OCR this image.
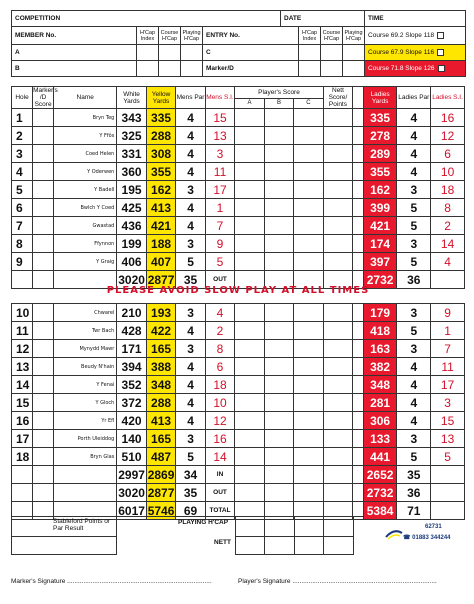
COMPETITION					DATE				TIME
MEMBER No.	H'Cap Index	Course H'Cap	Playing H'Cap	ENTRY No.		H'Cap Index	Course H'Cap	Playing H'Cap	Course 69.2 Slope 118
A				C					Course 67.9 Slope 116
B				Marker/D					Course 71.8 Slope 126
Hole	Marker's /D Score	Name	White Yards	Yellow Yards	Mens Par	Mens S.I.	Player's Score			Nett Score/ Points		Ladies Yards	Ladies Par	Ladies S.I.
							A	B	C					
1		Bryn Teg	343	335	4	15						335	4	16
2		Y Ffôs	325	288	4	13						278	4	12
3		Coed Helen	331	308	4	3						289	4	6
4		Y Oderwen	360	355	4	11						355	4	10
5		Y Badell	195	162	3	17						162	3	18
6		Bwlch Y Coed	425	413	4	1						399	5	8
7		Gwastad	436	421	4	7						421	5	2
8		Ffynnon	199	188	3	9						174	3	14
9		Y Graig	406	407	5	5						397	5	4
			3020	2877	35	OUT						2732	36	
PLEASE AVOID SLOW PLAY AT ALL TIMES
10		Chwarel	210	193	3	4						179	3	9
11		Twr Bach	428	422	4	2						418	5	1
12		Mynydd Mawr	171	165	3	8						163	3	7
13		Beudy N'hain	394	388	4	6						382	4	11
14		Y Fenai	352	348	4	18						348	4	17
15		Y Gloch	372	288	4	10						281	4	3
16		Yr Efl	420	413	4	12						306	4	15
17		Porth Uleiddog	140	165	3	16						133	3	13
18		Bryn Glas	510	487	5	14						441	5	5
			2997	2869	34	IN						2652	35	
			3020	2877	35	OUT						2732	36	
			6017	5746	69	TOTAL						5384	71	

Stableford Points or Par Result
PLAYING H'CAP
NETT
62731
☎ 01883 344244
Marker's Signature ................................................................................	Player's Signature ................................................................................
